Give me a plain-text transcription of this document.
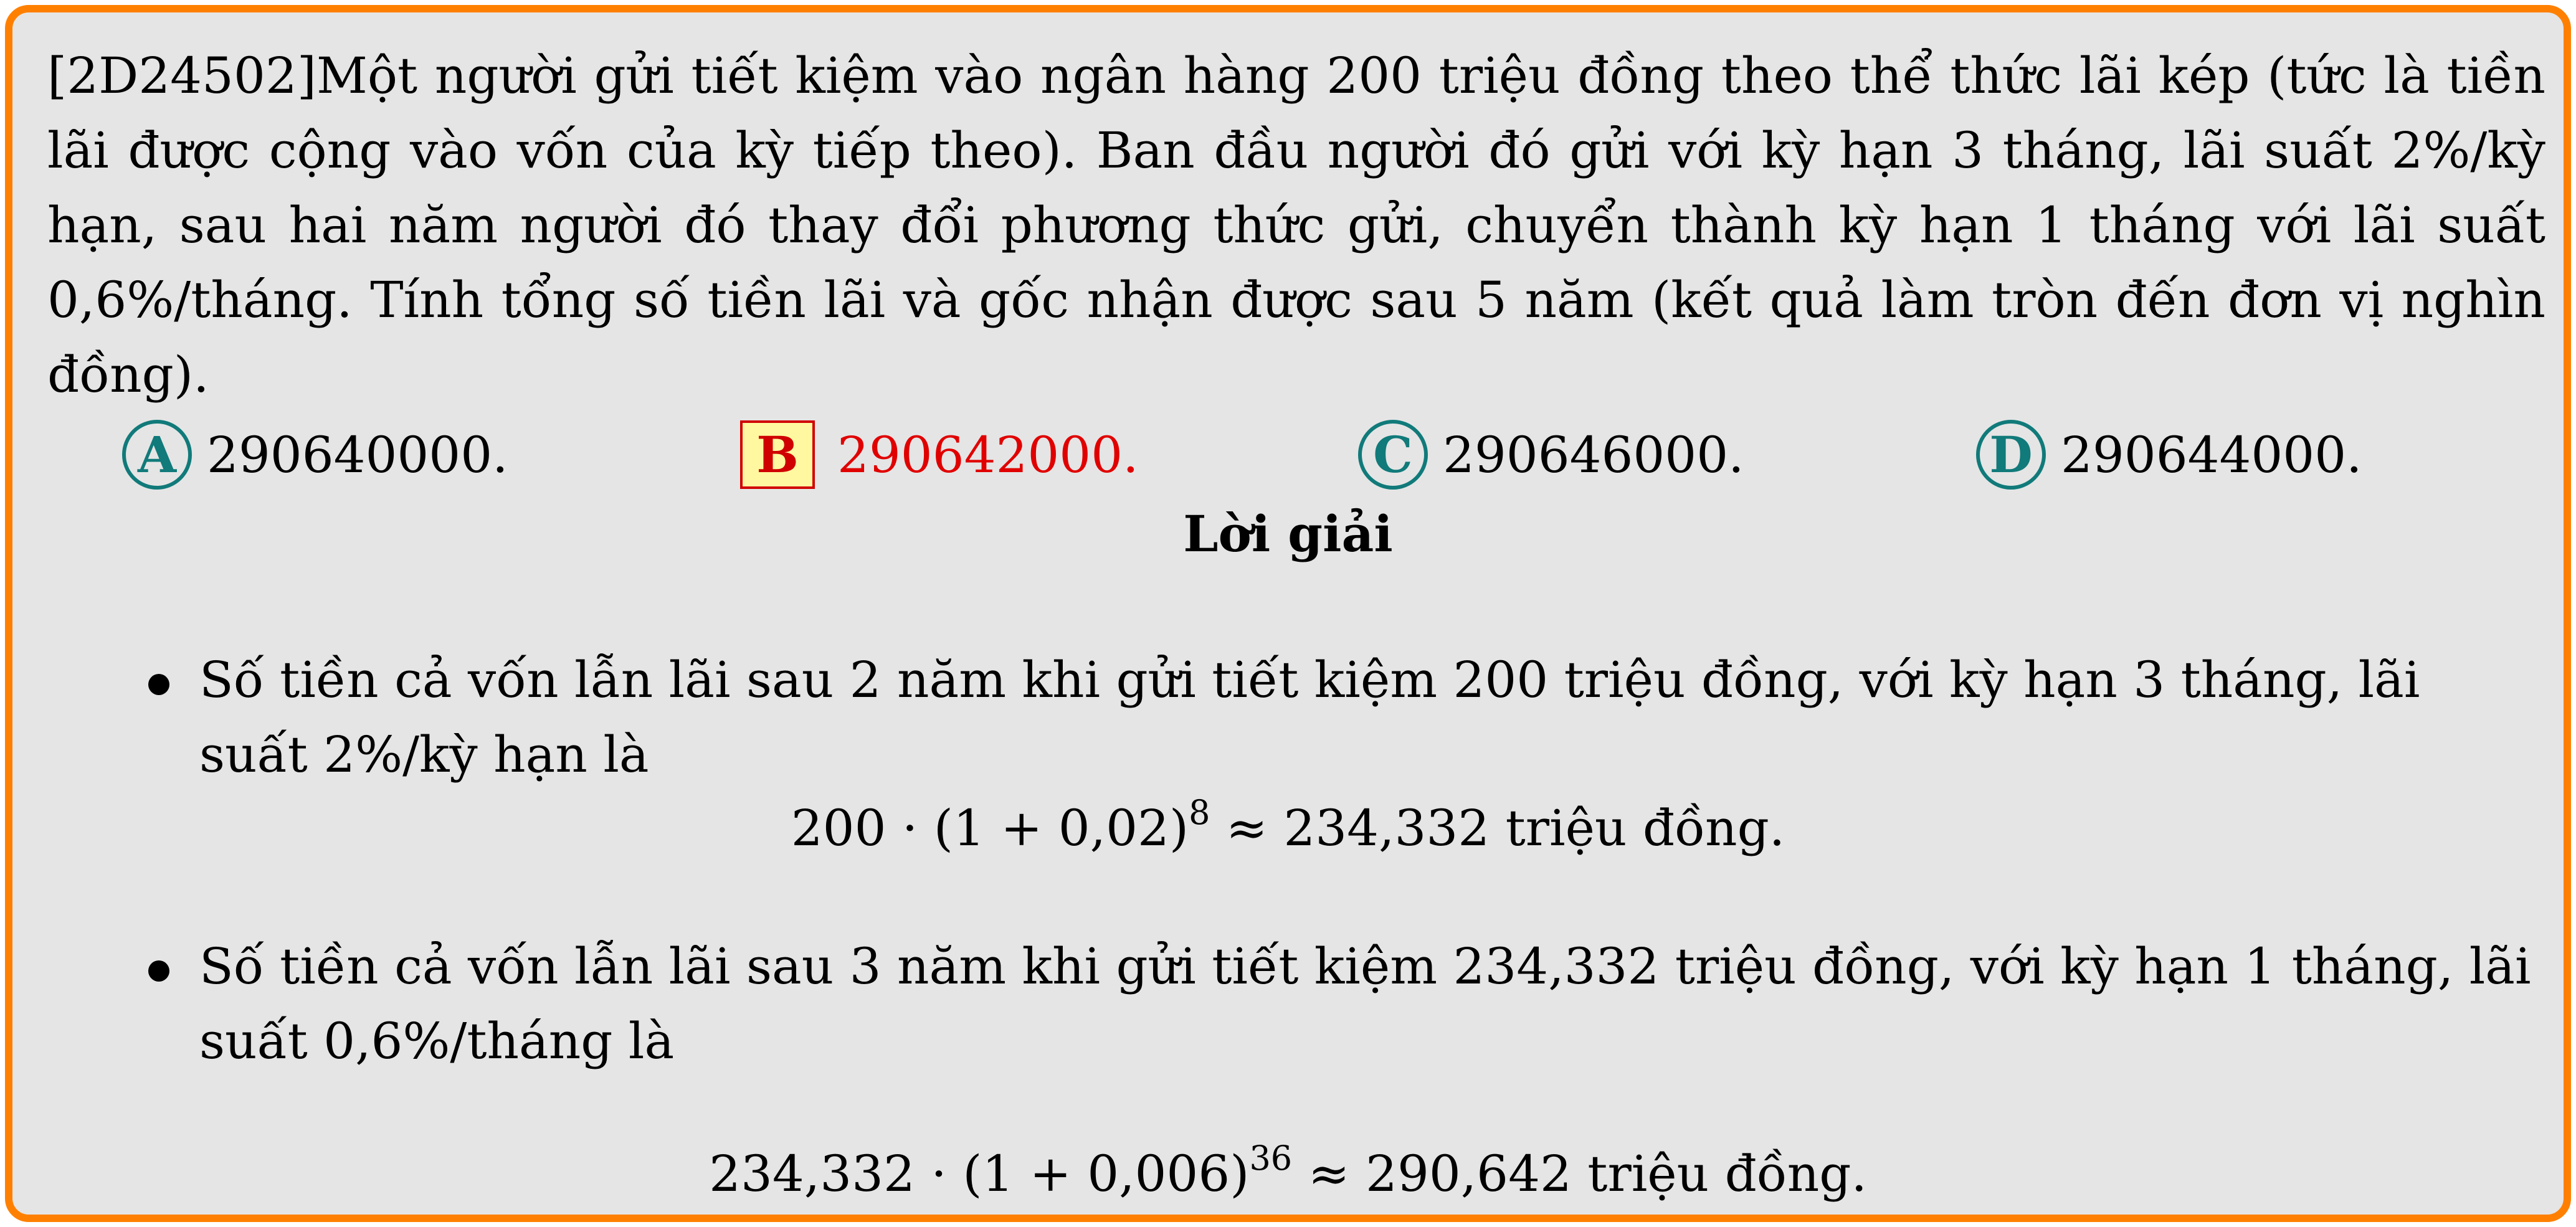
[2D24502]Một người gửi tiết kiệm vào ngân hàng 200 triệu đồng theo thể thức lãi kép (tức là tiền lãi được cộng vào vốn của kỳ tiếp theo). Ban đầu người đó gửi với kỳ hạn 3 tháng, lãi suất 2%/kỳ hạn, sau hai năm người đó thay đổi phương thức gửi, chuyển thành kỳ hạn 1 tháng với lãi suất 0,6%/tháng. Tính tổng số tiền lãi và gốc nhận được sau 5 năm (kết quả làm tròn đến đơn vị nghìn đồng).
A 290640000.	B 290642000.	C 290646000.	D 290644000.
Lời giải
Số tiền cả vốn lẫn lãi sau 2 năm khi gửi tiết kiệm 200 triệu đồng, với kỳ hạn 3 tháng, lãi suất 2%/kỳ hạn là
$200 \cdot (1 + 0,02)^8 \approx 234,332$ triệu đồng.
Số tiền cả vốn lẫn lãi sau 3 năm khi gửi tiết kiệm 234,332 triệu đồng, với kỳ hạn 1 tháng, lãi suất 0,6%/tháng là
$234,332 \cdot (1 + 0,006)^{36} \approx 290,642$ triệu đồng.
